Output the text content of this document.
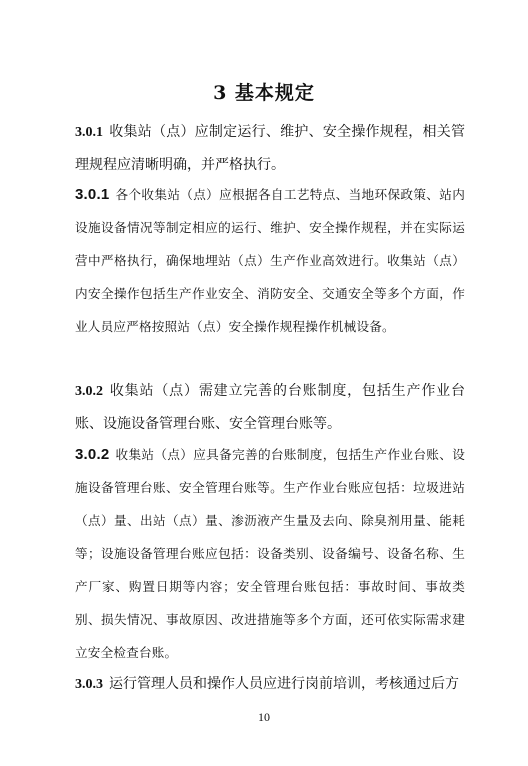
3 基本规定
3.0.1 收集站（点）应制定运行、维护、安全操作规程，相关管理规程应清晰明确，并严格执行。
3.0.1 各个收集站（点）应根据各自工艺特点、当地环保政策、站内设施设备情况等制定相应的运行、维护、安全操作规程，并在实际运营中严格执行，确保地埋站（点）生产作业高效进行。收集站（点）内安全操作包括生产作业安全、消防安全、交通安全等多个方面，作业人员应严格按照站（点）安全操作规程操作机械设备。
3.0.2 收集站（点）需建立完善的台账制度，包括生产作业台账、设施设备管理台账、安全管理台账等。
3.0.2 收集站（点）应具备完善的台账制度，包括生产作业台账、设施设备管理台账、安全管理台账等。生产作业台账应包括：垃圾进站（点）量、出站（点）量、渗沥液产生量及去向、除臭剂用量、能耗等；设施设备管理台账应包括：设备类别、设备编号、设备名称、生产厂家、购置日期等内容；安全管理台账包括：事故时间、事故类别、损失情况、事故原因、改进措施等多个方面，还可依实际需求建立安全检查台账。
3.0.3 运行管理人员和操作人员应进行岗前培训，考核通过后方
10
